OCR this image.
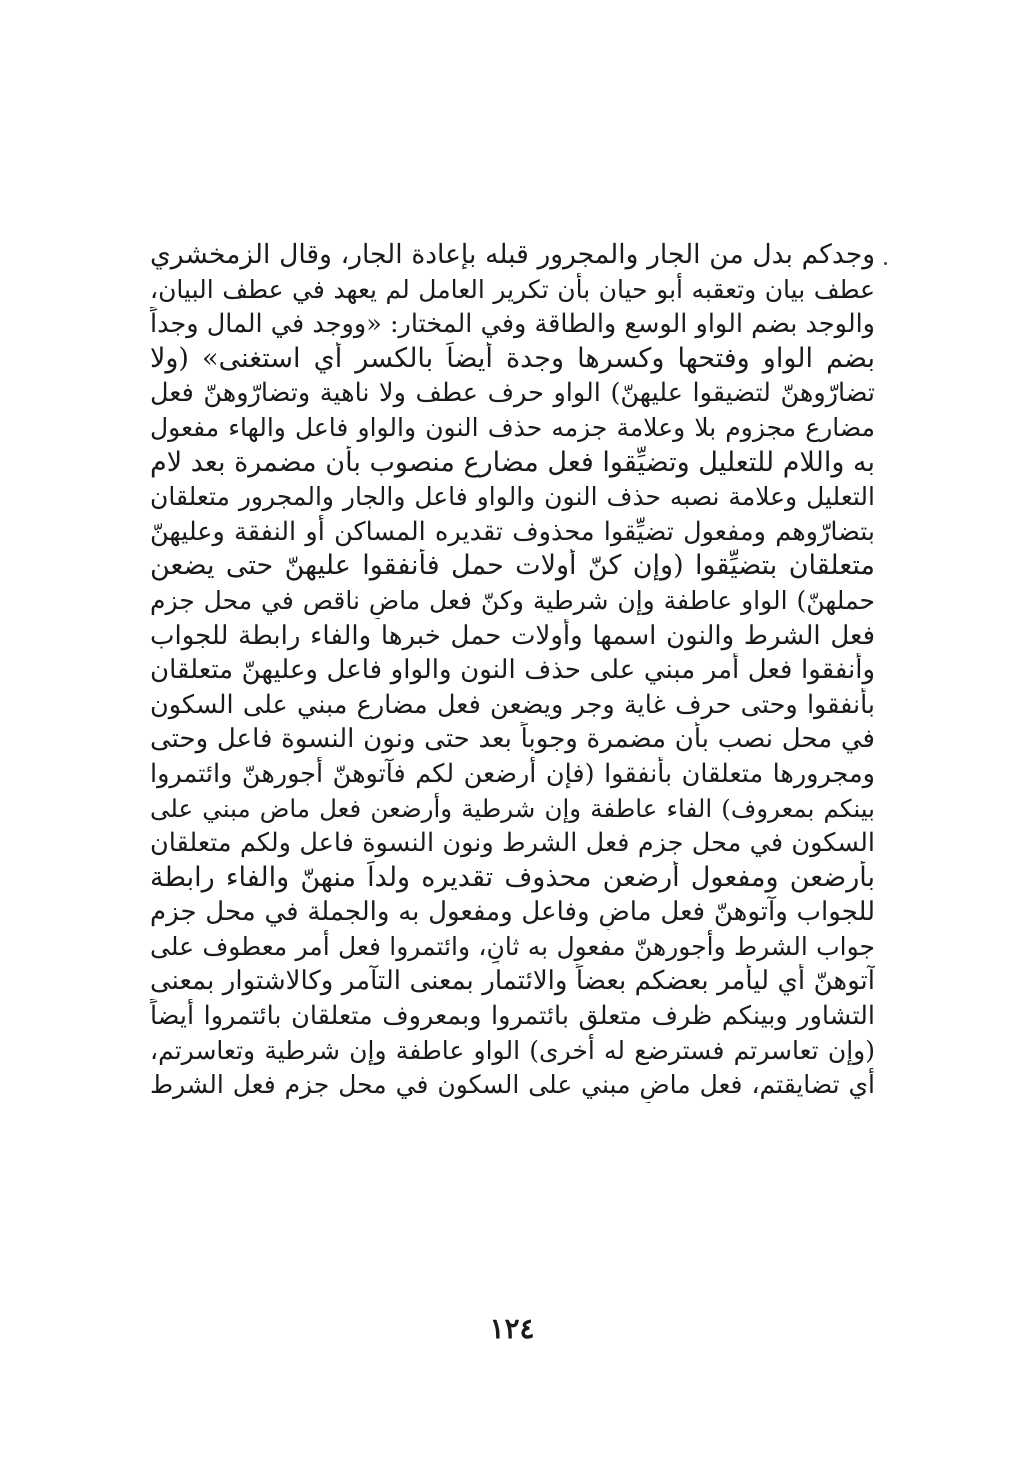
وجدكم بدل من الجار والمجرور قبله بإعادة الجار، وقال الزمخشري
عطف بيان وتعقبه أبو حيان بأن تكرير العامل لم يعهد في عطف البيان،
والوجد بضم الواو الوسع والطاقة وفي المختار: «ووجد في المال وجداً
بضم الواو وفتحها وكسرها وجدة أيضاً بالكسر أي استغنى» (ولا
تضارّوهنّ لتضيقوا عليهنّ) الواو حرف عطف ولا ناهية وتضارّوهنّ فعل
مضارع مجزوم بلا وعلامة جزمه حذف النون والواو فاعل والهاء مفعول
به واللام للتعليل وتضيِّقوا فعل مضارع منصوب بأن مضمرة بعد لام
التعليل وعلامة نصبه حذف النون والواو فاعل والجار والمجرور متعلقان
بتضارّوهم ومفعول تضيِّقوا محذوف تقديره المساكن أو النفقة وعليهنّ
متعلقان بتضيِّقوا (وإن كنّ أولات حمل فأنفقوا عليهنّ حتى يضعن
حملهنّ) الواو عاطفة وإن شرطية وكنّ فعل ماضٍ ناقص في محل جزم
فعل الشرط والنون اسمها وأولات حمل خبرها والفاء رابطة للجواب
وأنفقوا فعل أمر مبني على حذف النون والواو فاعل وعليهنّ متعلقان
بأنفقوا وحتى حرف غاية وجر ويضعن فعل مضارع مبني على السكون
في محل نصب بأن مضمرة وجوباً بعد حتى ونون النسوة فاعل وحتى
ومجرورها متعلقان بأنفقوا (فإن أرضعن لكم فآتوهنّ أجورهنّ وائتمروا
بينكم بمعروف) الفاء عاطفة وإن شرطية وأرضعن فعل ماضٍ مبني على
السكون في محل جزم فعل الشرط ونون النسوة فاعل ولكم متعلقان
بأرضعن ومفعول أرضعن محذوف تقديره ولداً منهنّ والفاء رابطة
للجواب وآتوهنّ فعل ماضٍ وفاعل ومفعول به والجملة في محل جزم
جواب الشرط وأجورهنّ مفعول به ثانٍ، وائتمروا فعل أمر معطوف على
آتوهنّ أي ليأمر بعضكم بعضاً والائتمار بمعنى التآمر وكالاشتوار بمعنى
التشاور وبينكم ظرف متعلق بائتمروا وبمعروف متعلقان بائتمروا أيضاً
(وإن تعاسرتم فسترضع له أخرى) الواو عاطفة وإن شرطية وتعاسرتم،
أي تضايقتم، فعل ماضٍ مبني على السكون في محل جزم فعل الشرط
١٢٤
